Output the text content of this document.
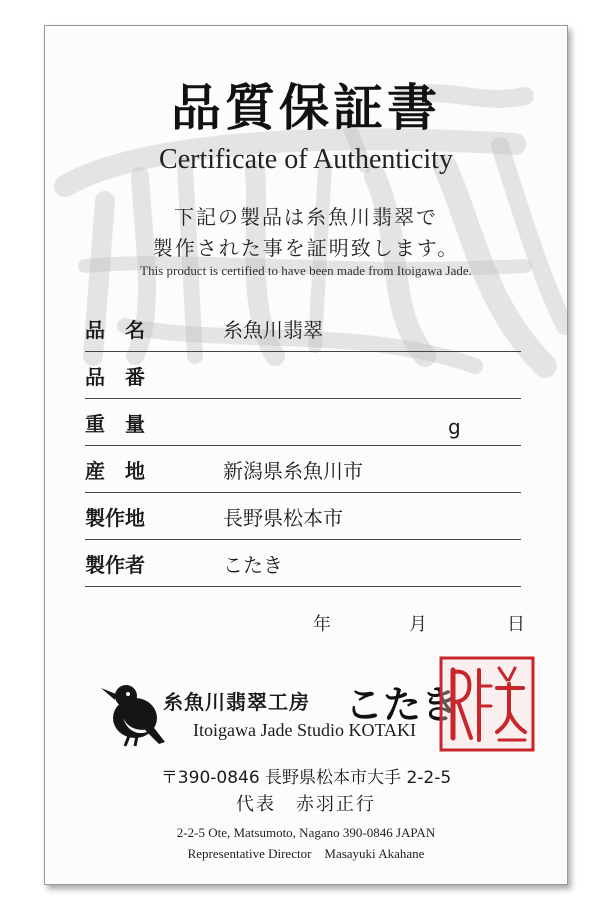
品質保証書
Certificate of Authenticity
下記の製品は糸魚川翡翠で
製作された事を証明致します。
This product is certified to have been made from Itoigawa Jade.
品　名	糸魚川翡翠
品　番
重　量	g
産　地	新潟県糸魚川市
製作地	長野県松本市
製作者	こたき
年	月	日
糸魚川翡翠工房 こたき
Itoigawa Jade Studio KOTAKI
〒390-0846 長野県松本市大手 2-2-5
代表　赤羽正行
2-2-5 Ote, Matsumoto, Nagano 390-0846 JAPAN
Representative Director　Masayuki Akahane
